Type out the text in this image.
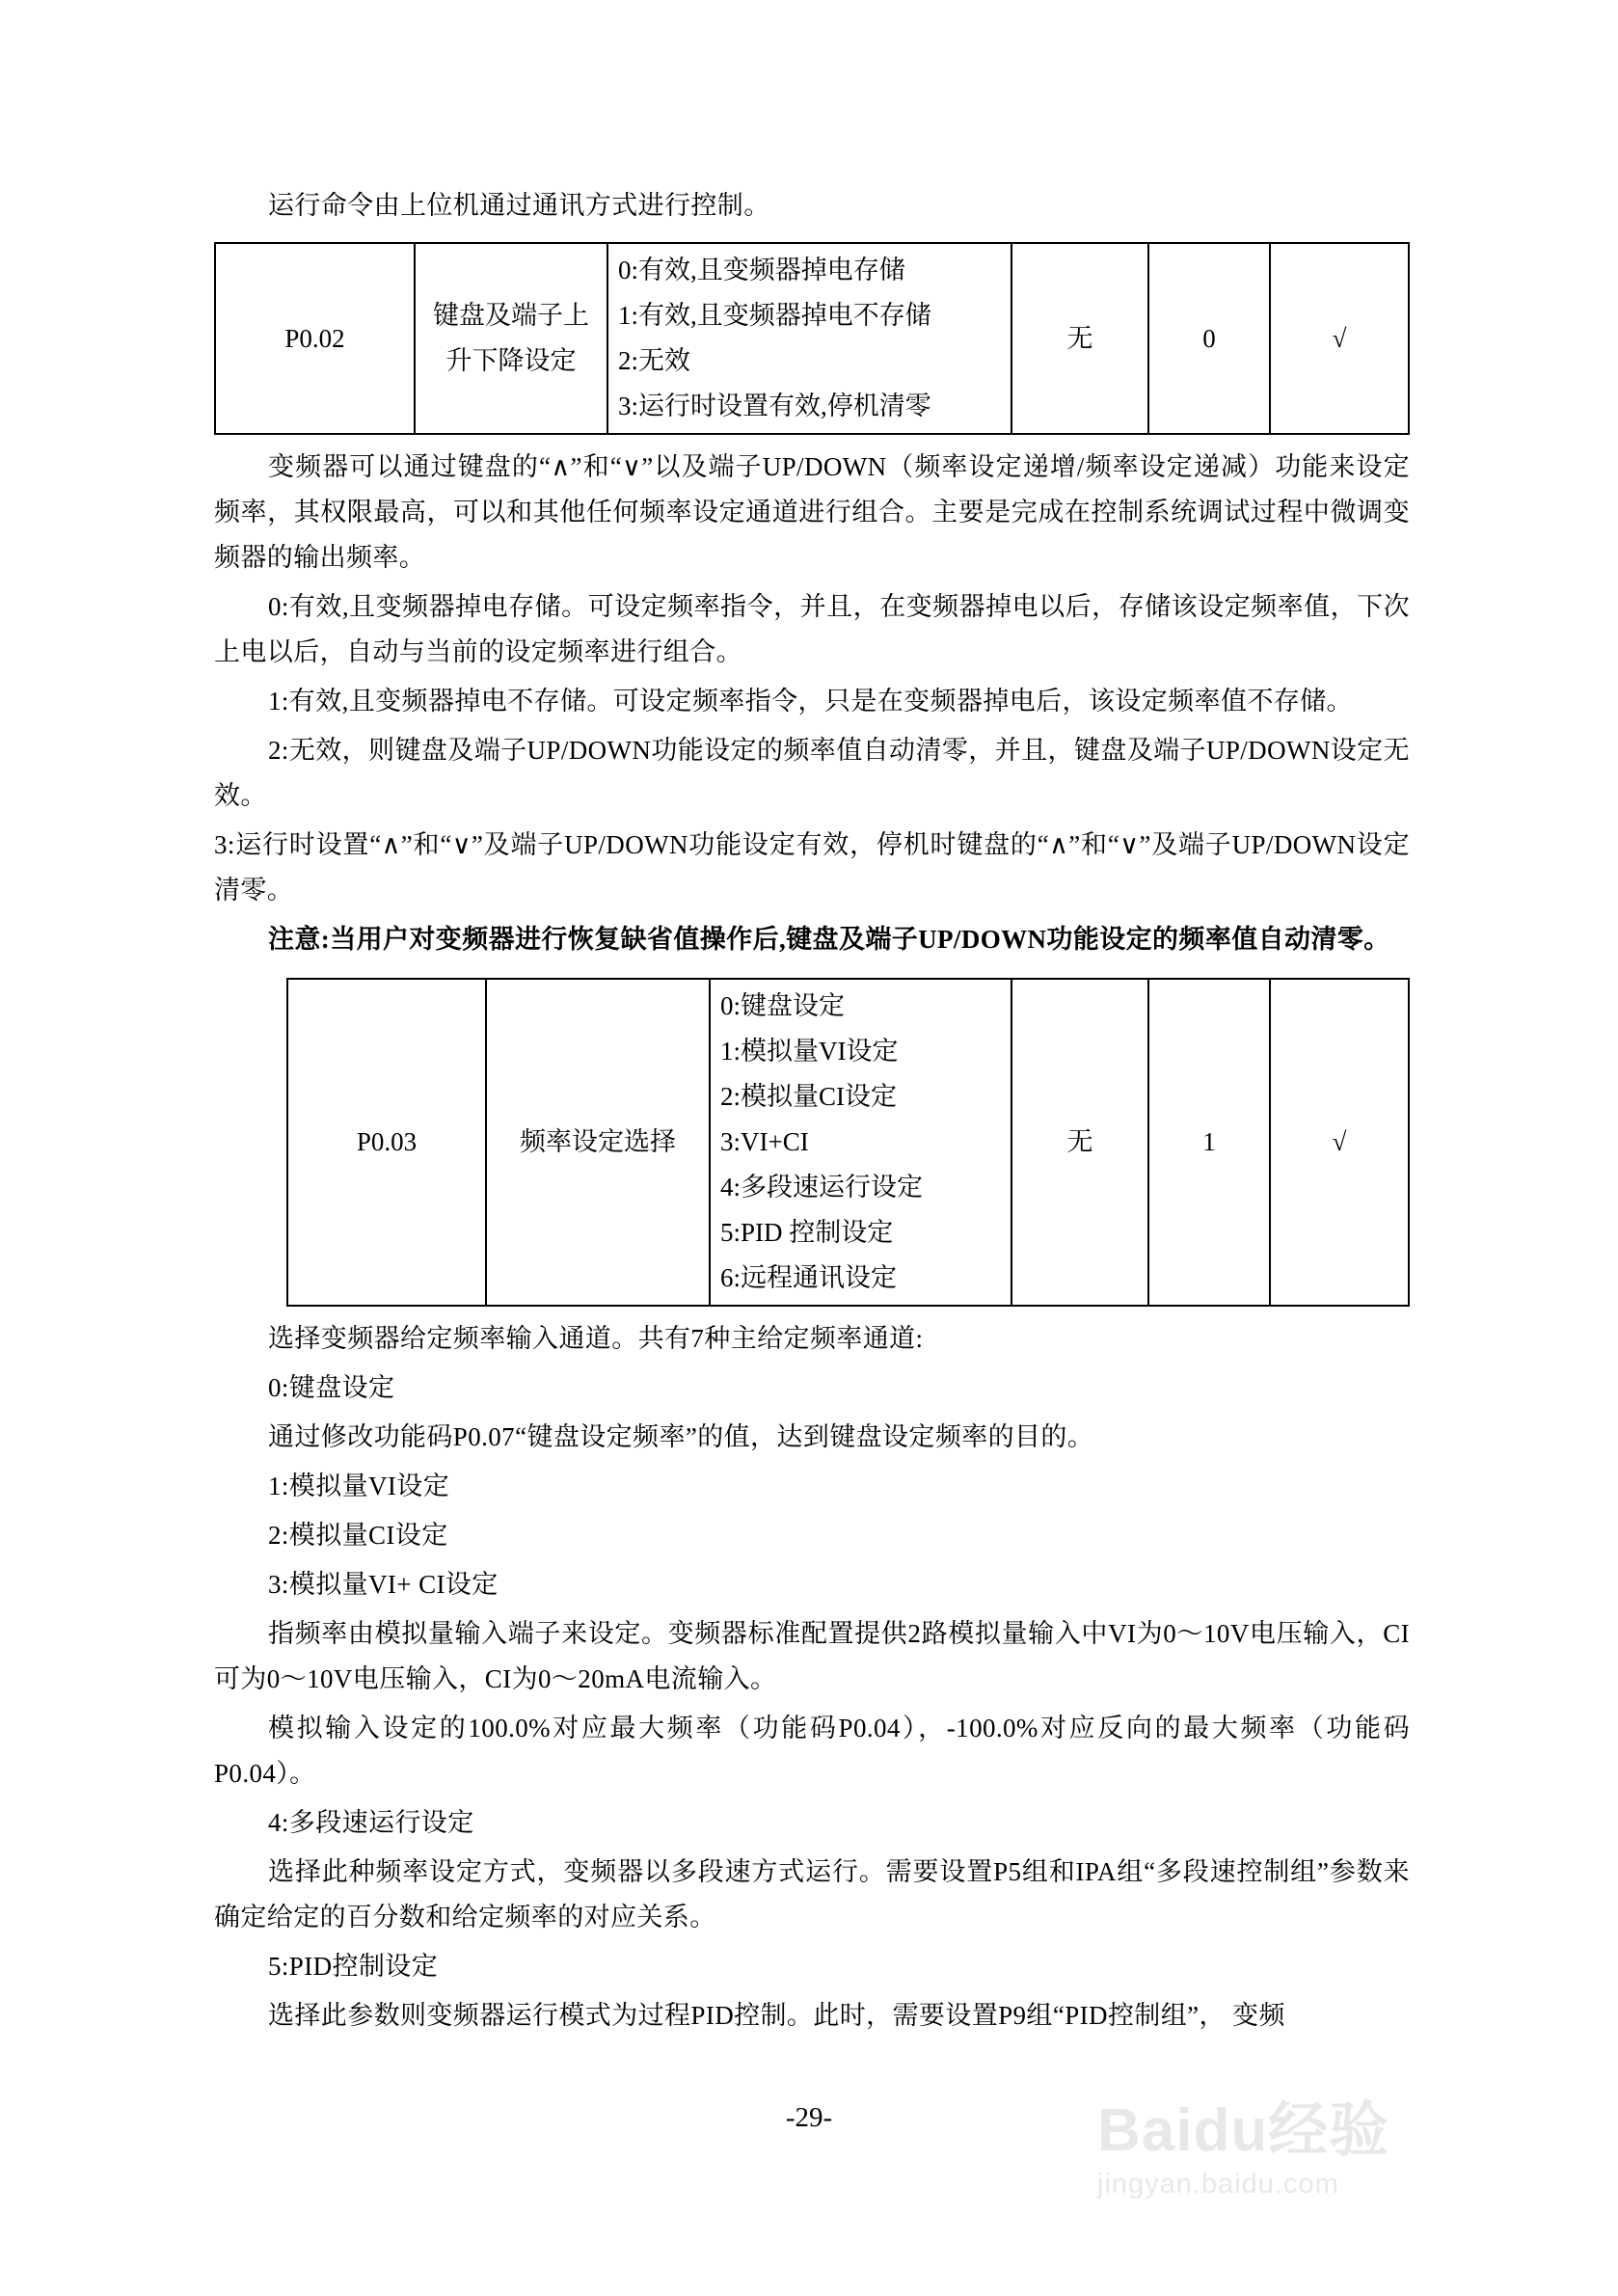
运行命令由上位机通过通讯方式进行控制。

P0.02	键盘及端子上升下降设定	
0:有效,且变频器掉电存储
1:有效,且变频器掉电不存储
2:无效
3:运行时设置有效,停机清零
	无	0	√

变频器可以通过键盘的“∧”和“∨”以及端子UP/DOWN（频率设定递增/频率设定递减）功能来设定频率，其权限最高，可以和其他任何频率设定通道进行组合。主要是完成在控制系统调试过程中微调变频器的输出频率。

0:有效,且变频器掉电存储。可设定频率指令，并且，在变频器掉电以后，存储该设定频率值，下次上电以后，自动与当前的设定频率进行组合。

1:有效,且变频器掉电不存储。可设定频率指令，只是在变频器掉电后，该设定频率值不存储。

2:无效，则键盘及端子UP/DOWN功能设定的频率值自动清零，并且，键盘及端子UP/DOWN设定无效。

3:运行时设置“∧”和“∨”及端子UP/DOWN功能设定有效，停机时键盘的“∧”和“∨”及端子UP/DOWN设定清零。

注意:当用户对变频器进行恢复缺省值操作后,键盘及端子UP/DOWN功能设定的频率值自动清零。

P0.03	频率设定选择	
0:键盘设定
1:模拟量VI设定
2:模拟量CI设定
3:VI+CI
4:多段速运行设定
5:PID 控制设定
6:远程通讯设定
	无	1	√

选择变频器给定频率输入通道。共有7种主给定频率通道:

0:键盘设定

通过修改功能码P0.07“键盘设定频率”的值，达到键盘设定频率的目的。

1:模拟量VI设定

2:模拟量CI设定

3:模拟量VI+ CI设定

指频率由模拟量输入端子来设定。变频器标准配置提供2路模拟量输入中VI为0～10V电压输入，CI可为0～10V电压输入，CI为0～20mA电流输入。

模拟输入设定的100.0%对应最大频率（功能码P0.04），-100.0%对应反向的最大频率（功能码P0.04）。

4:多段速运行设定

选择此种频率设定方式，变频器以多段速方式运行。需要设置P5组和IPA组“多段速控制组”参数来确定给定的百分数和给定频率的对应关系。

5:PID控制设定

选择此参数则变频器运行模式为过程PID控制。此时，需要设置P9组“PID控制组”， 变频

-29-	Baidu经验
jingyan.baidu.com
